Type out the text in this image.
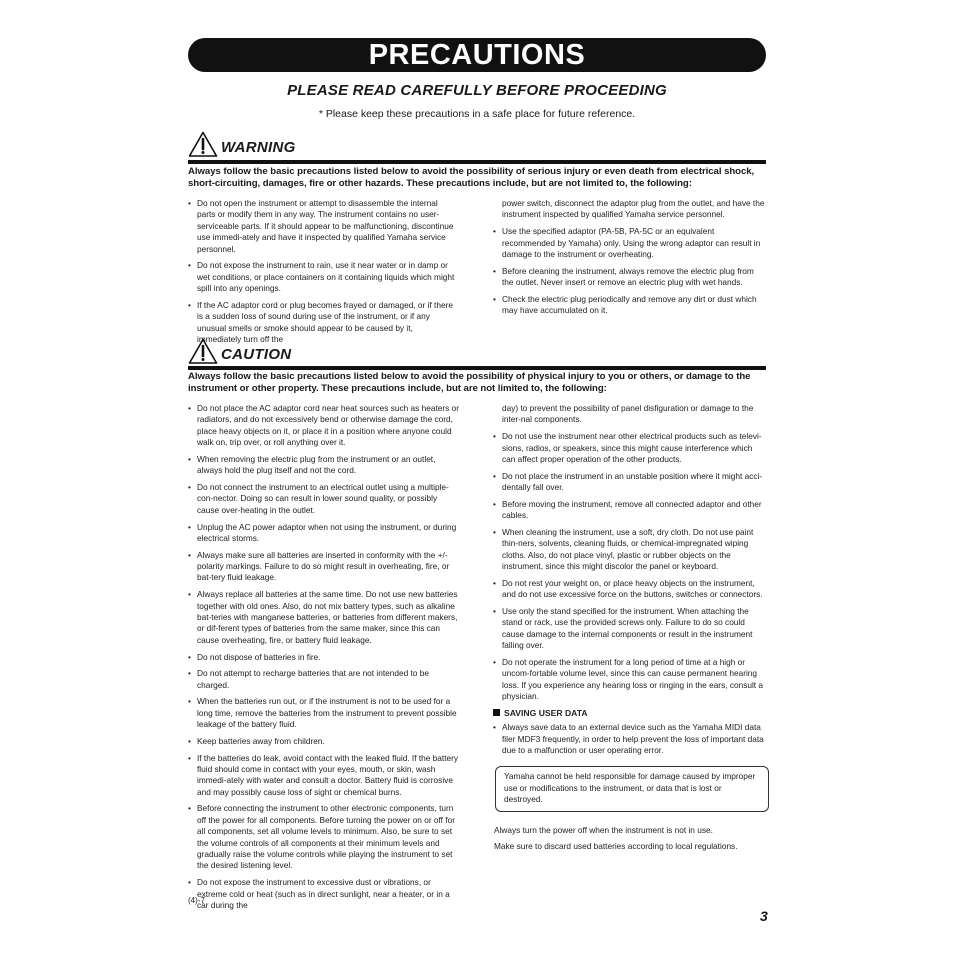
PRECAUTIONS
PLEASE READ CAREFULLY BEFORE PROCEEDING
* Please keep these precautions in a safe place for future reference.
WARNING
Always follow the basic precautions listed below to avoid the possibility of serious injury or even death from electrical shock, short-circuiting, damages, fire or other hazards. These precautions include, but are not limited to, the following:
• Do not open the instrument or attempt to disassemble the internal parts or modify them in any way. The instrument contains no user-serviceable parts. If it should appear to be malfunctioning, discontinue use immedi-ately and have it inspected by qualified Yamaha service personnel.
• Do not expose the instrument to rain, use it near water or in damp or wet conditions, or place containers on it containing liquids which might spill into any openings.
• If the AC adaptor cord or plug becomes frayed or damaged, or if there is a sudden loss of sound during use of the instrument, or if any unusual smells or smoke should appear to be caused by it, immediately turn off the
power switch, disconnect the adaptor plug from the outlet, and have the instrument inspected by qualified Yamaha service personnel.
• Use the specified adaptor (PA-5B, PA-5C or an equivalent recommended by Yamaha) only. Using the wrong adaptor can result in damage to the instrument or overheating.
• Before cleaning the instrument, always remove the electric plug from the outlet. Never insert or remove an electric plug with wet hands.
• Check the electric plug periodically and remove any dirt or dust which may have accumulated on it.
CAUTION
Always follow the basic precautions listed below to avoid the possibility of physical injury to you or others, or damage to the instrument or other property. These precautions include, but are not limited to, the following:
• Do not place the AC adaptor cord near heat sources such as heaters or radiators, and do not excessively bend or otherwise damage the cord, place heavy objects on it, or place it in a position where anyone could walk on, trip over, or roll anything over it.
• When removing the electric plug from the instrument or an outlet, always hold the plug itself and not the cord.
• Do not connect the instrument to an electrical outlet using a multiple-con-nector. Doing so can result in lower sound quality, or possibly cause over-heating in the outlet.
• Unplug the AC power adaptor when not using the instrument, or during electrical storms.
• Always make sure all batteries are inserted in conformity with the +/- polarity markings. Failure to do so might result in overheating, fire, or bat-tery fluid leakage.
• Always replace all batteries at the same time. Do not use new batteries together with old ones. Also, do not mix battery types, such as alkaline bat-teries with manganese batteries, or batteries from different makers, or dif-ferent types of batteries from the same maker, since this can cause overheating, fire, or battery fluid leakage.
• Do not dispose of batteries in fire.
• Do not attempt to recharge batteries that are not intended to be charged.
• When the batteries run out, or if the instrument is not to be used for a long time, remove the batteries from the instrument to prevent possible leakage of the battery fluid.
• Keep batteries away from children.
• If the batteries do leak, avoid contact with the leaked fluid. If the battery fluid should come in contact with your eyes, mouth, or skin, wash immedi-ately with water and consult a doctor. Battery fluid is corrosive and may possibly cause loss of sight or chemical burns.
• Before connecting the instrument to other electronic components, turn off the power for all components. Before turning the power on or off for all components, set all volume levels to minimum. Also, be sure to set the volume controls of all components at their minimum levels and gradually raise the volume controls while playing the instrument to set the desired listening level.
• Do not expose the instrument to excessive dust or vibrations, or extreme cold or heat (such as in direct sunlight, near a heater, or in a car during the
day) to prevent the possibility of panel disfiguration or damage to the inter-nal components.
• Do not use the instrument near other electrical products such as televi-sions, radios, or speakers, since this might cause interference which can affect proper operation of the other products.
• Do not place the instrument in an unstable position where it might acci-dentally fall over.
• Before moving the instrument, remove all connected adaptor and other cables.
• When cleaning the instrument, use a soft, dry cloth. Do not use paint thin-ners, solvents, cleaning fluids, or chemical-impregnated wiping cloths. Also, do not place vinyl, plastic or rubber objects on the instrument, since this might discolor the panel or keyboard.
• Do not rest your weight on, or place heavy objects on the instrument, and do not use excessive force on the buttons, switches or connectors.
• Use only the stand specified for the instrument. When attaching the stand or rack, use the provided screws only. Failure to do so could cause damage to the internal components or result in the instrument falling over.
• Do not operate the instrument for a long period of time at a high or uncom-fortable volume level, since this can cause permanent hearing loss. If you experience any hearing loss or ringing in the ears, consult a physician.
SAVING USER DATA
• Always save data to an external device such as the Yamaha MIDI data filer MDF3 frequently, in order to help prevent the loss of important data due to a malfunction or user operating error.
Yamaha cannot be held responsible for damage caused by improper use or modifications to the instrument, or data that is lost or destroyed.
Always turn the power off when the instrument is not in use.
Make sure to discard used batteries according to local regulations.
(4)-7
3
